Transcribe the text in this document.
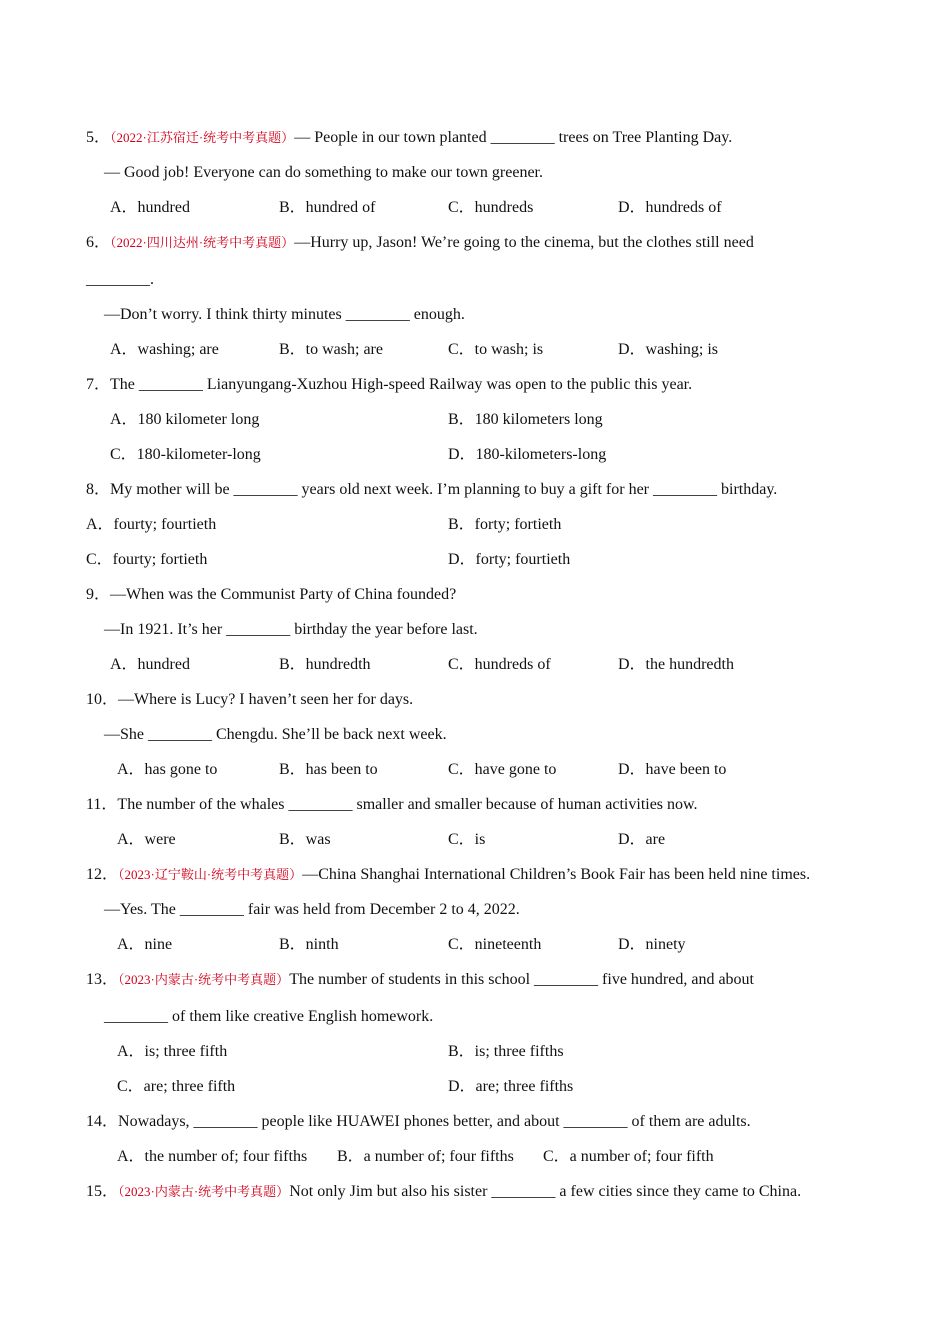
5．（2022·江苏宿迁·统考中考真题）— People in our town planted ________ trees on Tree Planting Day.
— Good job! Everyone can do something to make our town greener.
A．hundred	B．hundred of	C．hundreds	D．hundreds of
6．（2022·四川达州·统考中考真题）—Hurry up, Jason! We’re going to the cinema, but the clothes still need
________.
—Don’t worry. I think thirty minutes ________ enough.
A．washing; are	B．to wash; are	C．to wash; is	D．washing; is
7．The ________ Lianyungang-Xuzhou High-speed Railway was open to the public this year.
A．180 kilometer long	B．180 kilometers long
C．180-kilometer-long	D．180-kilometers-long
8．My mother will be ________ years old next week. I’m planning to buy a gift for her ________ birthday.
A．fourty; fourtieth	B．forty; fortieth
C．fourty; fortieth	D．forty; fourtieth
9．—When was the Communist Party of China founded?
—In 1921. It’s her ________ birthday the year before last.
A．hundred	B．hundredth	C．hundreds of	D．the hundredth
10．—Where is Lucy? I haven’t seen her for days.
—She ________ Chengdu. She’ll be back next week.
A．has gone to	B．has been to	C．have gone to	D．have been to
11．The number of the whales ________ smaller and smaller because of human activities now.
A．were	B．was	C．is	D．are
12．（2023·辽宁鞍山·统考中考真题）—China Shanghai International Children’s Book Fair has been held nine times.
—Yes. The ________ fair was held from December 2 to 4, 2022.
A．nine	B．ninth	C．nineteenth	D．ninety
13．（2023·内蒙古·统考中考真题）The number of students in this school ________ five hundred, and about
________ of them like creative English homework.
A．is; three fifth	B．is; three fifths
C．are; three fifth	D．are; three fifths
14．Nowadays, ________ people like HUAWEI phones better, and about ________ of them are adults.
A．the number of; four fifths B．a number of; four fifths C．a number of; four fifth
15．（2023·内蒙古·统考中考真题）Not only Jim but also his sister ________ a few cities since they came to China.
